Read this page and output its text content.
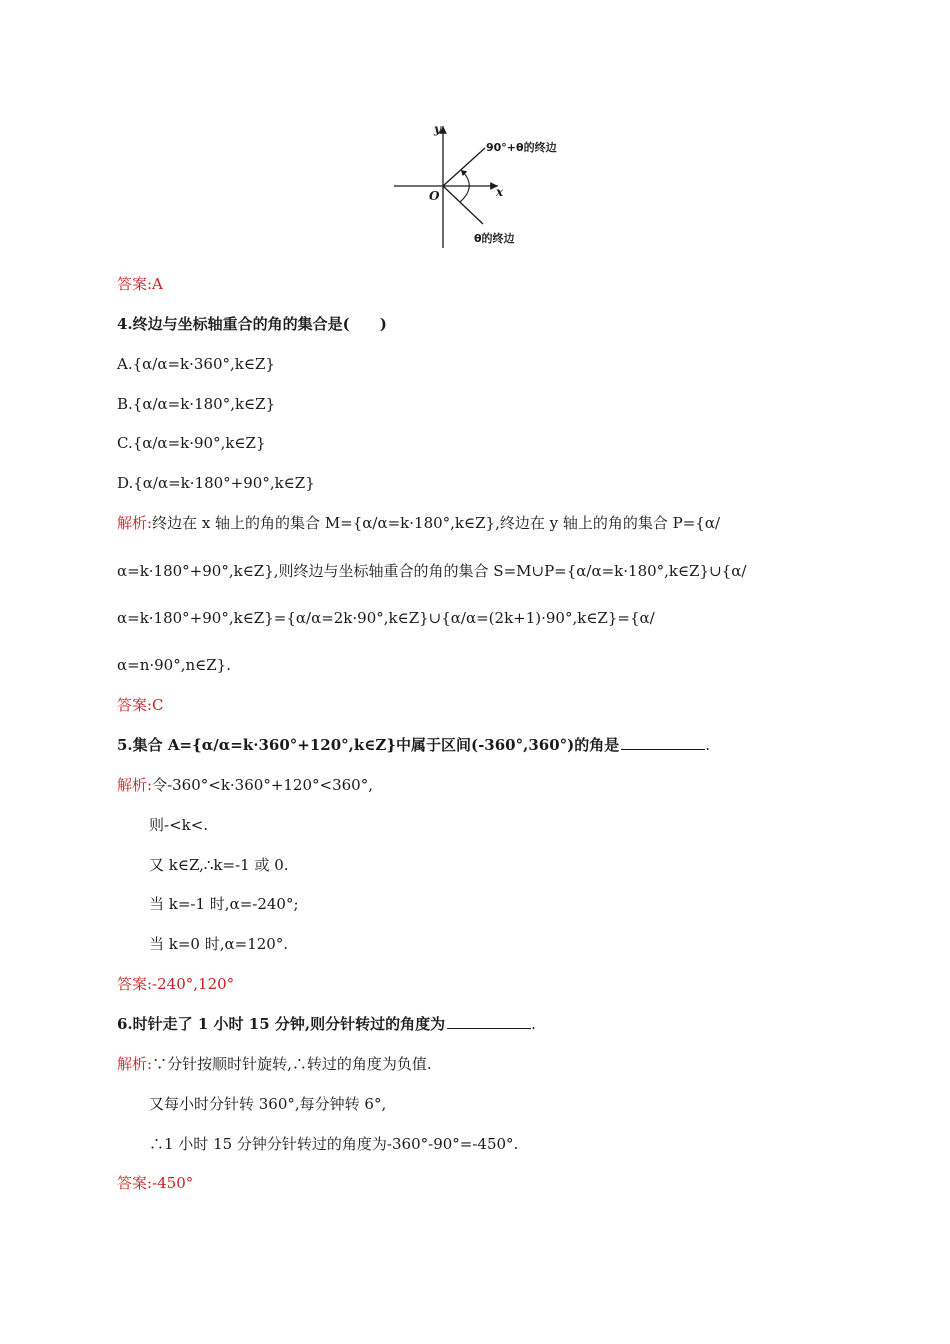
y
x
O
90°+θ的终边
θ的终边
答案:A
4.终边与坐标轴重合的角的集合是(　　)
A.{α/α=k·360°,k∈Z}
B.{α/α=k·180°,k∈Z}
C.{α/α=k·90°,k∈Z}
D.{α/α=k·180°+90°,k∈Z}
解析:终边在 x 轴上的角的集合 M={α/α=k·180°,k∈Z},终边在 y 轴上的角的集合 P={α/
α=k·180°+90°,k∈Z},则终边与坐标轴重合的角的集合 S=M∪P={α/α=k·180°,k∈Z}∪{α/
α=k·180°+90°,k∈Z}={α/α=2k·90°,k∈Z}∪{α/α=(2k+1)·90°,k∈Z}={α/
α=n·90°,n∈Z}.
答案:C
5.集合 A={α/α=k·360°+120°,k∈Z}中属于区间(-360°,360°)的角是	.
解析:令-360°<k·360°+120°<360°,
则-<k<.
又 k∈Z,∴k=-1 或 0.
当 k=-1 时,α=-240°;
当 k=0 时,α=120°.
答案:-240°,120°
6.时针走了 1 小时 15 分钟,则分针转过的角度为	.
解析:∵分针按顺时针旋转,∴转过的角度为负值.
又每小时分针转 360°,每分钟转 6°,
∴1 小时 15 分钟分针转过的角度为-360°-90°=-450°.
答案:-450°
